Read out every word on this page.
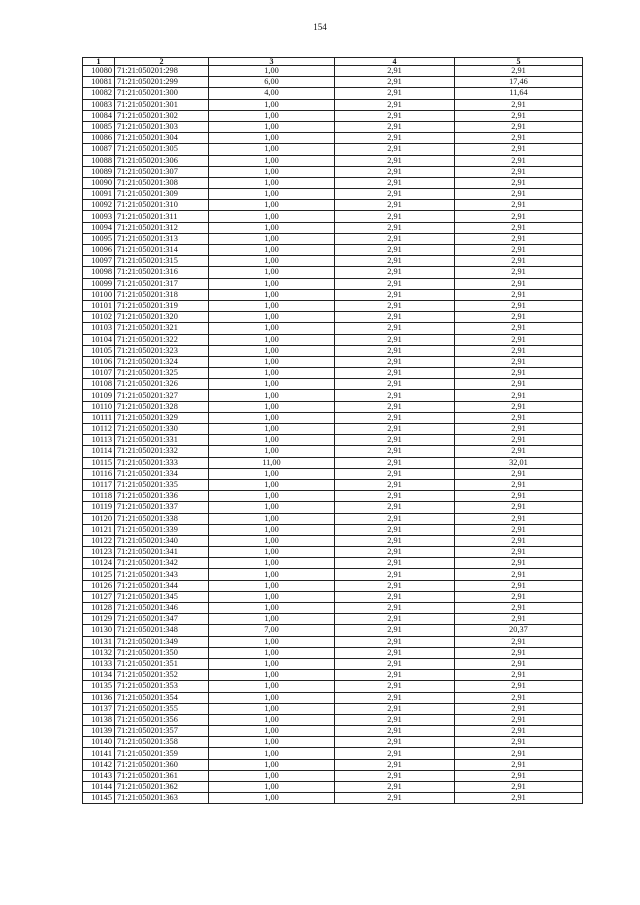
154
1	2	3	4	5
10080	71:21:050201:298	1,00	2,91	2,91
10081	71:21:050201:299	6,00	2,91	17,46
10082	71:21:050201:300	4,00	2,91	11,64
10083	71:21:050201:301	1,00	2,91	2,91
10084	71:21:050201:302	1,00	2,91	2,91
10085	71:21:050201:303	1,00	2,91	2,91
10086	71:21:050201:304	1,00	2,91	2,91
10087	71:21:050201:305	1,00	2,91	2,91
10088	71:21:050201:306	1,00	2,91	2,91
10089	71:21:050201:307	1,00	2,91	2,91
10090	71:21:050201:308	1,00	2,91	2,91
10091	71:21:050201:309	1,00	2,91	2,91
10092	71:21:050201:310	1,00	2,91	2,91
10093	71:21:050201:311	1,00	2,91	2,91
10094	71:21:050201:312	1,00	2,91	2,91
10095	71:21:050201:313	1,00	2,91	2,91
10096	71:21:050201:314	1,00	2,91	2,91
10097	71:21:050201:315	1,00	2,91	2,91
10098	71:21:050201:316	1,00	2,91	2,91
10099	71:21:050201:317	1,00	2,91	2,91
10100	71:21:050201:318	1,00	2,91	2,91
10101	71:21:050201:319	1,00	2,91	2,91
10102	71:21:050201:320	1,00	2,91	2,91
10103	71:21:050201:321	1,00	2,91	2,91
10104	71:21:050201:322	1,00	2,91	2,91
10105	71:21:050201:323	1,00	2,91	2,91
10106	71:21:050201:324	1,00	2,91	2,91
10107	71:21:050201:325	1,00	2,91	2,91
10108	71:21:050201:326	1,00	2,91	2,91
10109	71:21:050201:327	1,00	2,91	2,91
10110	71:21:050201:328	1,00	2,91	2,91
10111	71:21:050201:329	1,00	2,91	2,91
10112	71:21:050201:330	1,00	2,91	2,91
10113	71:21:050201:331	1,00	2,91	2,91
10114	71:21:050201:332	1,00	2,91	2,91
10115	71:21:050201:333	11,00	2,91	32,01
10116	71:21:050201:334	1,00	2,91	2,91
10117	71:21:050201:335	1,00	2,91	2,91
10118	71:21:050201:336	1,00	2,91	2,91
10119	71:21:050201:337	1,00	2,91	2,91
10120	71:21:050201:338	1,00	2,91	2,91
10121	71:21:050201:339	1,00	2,91	2,91
10122	71:21:050201:340	1,00	2,91	2,91
10123	71:21:050201:341	1,00	2,91	2,91
10124	71:21:050201:342	1,00	2,91	2,91
10125	71:21:050201:343	1,00	2,91	2,91
10126	71:21:050201:344	1,00	2,91	2,91
10127	71:21:050201:345	1,00	2,91	2,91
10128	71:21:050201:346	1,00	2,91	2,91
10129	71:21:050201:347	1,00	2,91	2,91
10130	71:21:050201:348	7,00	2,91	20,37
10131	71:21:050201:349	1,00	2,91	2,91
10132	71:21:050201:350	1,00	2,91	2,91
10133	71:21:050201:351	1,00	2,91	2,91
10134	71:21:050201:352	1,00	2,91	2,91
10135	71:21:050201:353	1,00	2,91	2,91
10136	71:21:050201:354	1,00	2,91	2,91
10137	71:21:050201:355	1,00	2,91	2,91
10138	71:21:050201:356	1,00	2,91	2,91
10139	71:21:050201:357	1,00	2,91	2,91
10140	71:21:050201:358	1,00	2,91	2,91
10141	71:21:050201:359	1,00	2,91	2,91
10142	71:21:050201:360	1,00	2,91	2,91
10143	71:21:050201:361	1,00	2,91	2,91
10144	71:21:050201:362	1,00	2,91	2,91
10145	71:21:050201:363	1,00	2,91	2,91
